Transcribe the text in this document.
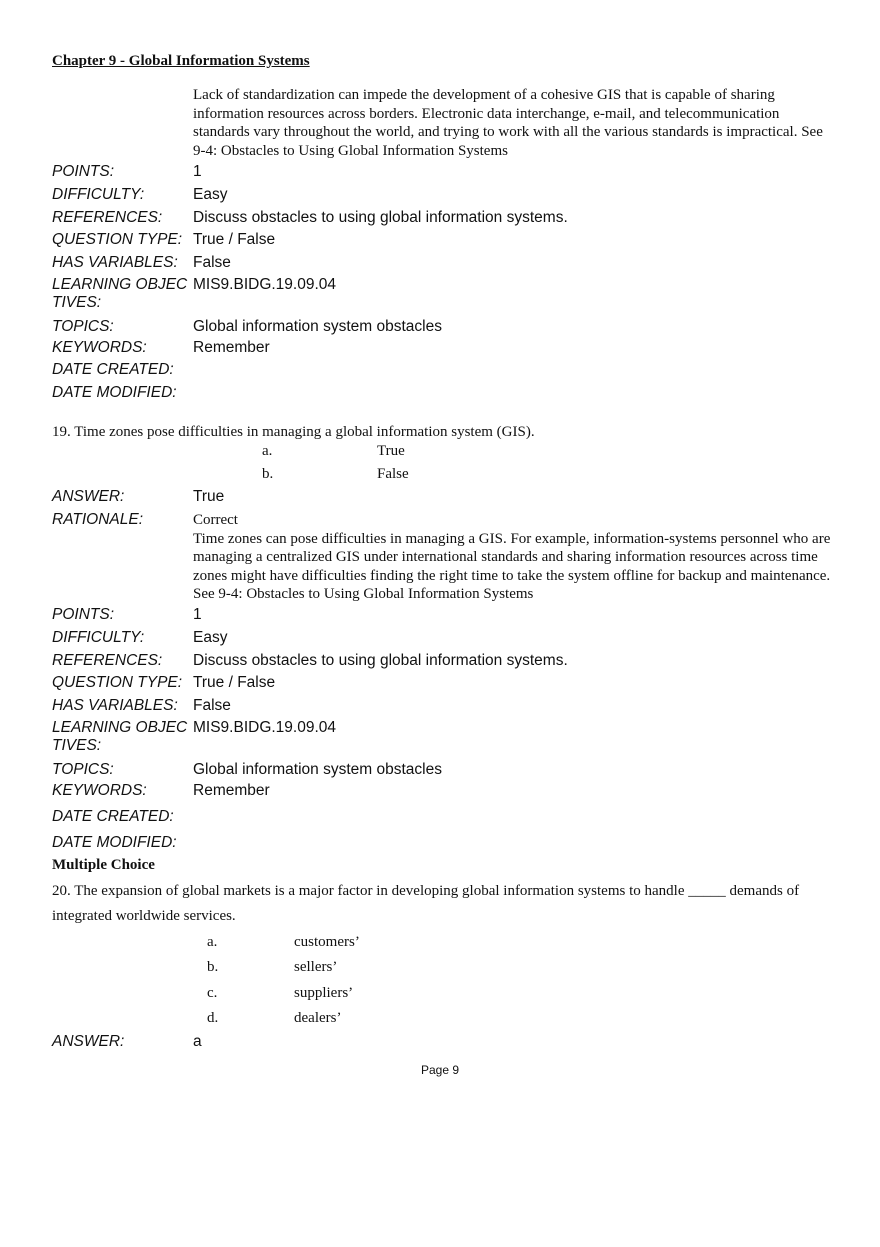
Chapter 9 - Global Information Systems
Lack of standardization can impede the development of a cohesive GIS that is capable of sharing information resources across borders. Electronic data interchange, e-mail, and telecommunication standards vary throughout the world, and trying to work with all the various standards is impractical. See 9-4: Obstacles to Using Global Information Systems
POINTS:	1
DIFFICULTY:	Easy
REFERENCES:	Discuss obstacles to using global information systems.
QUESTION TYPE: True / False
HAS VARIABLES: False
LEARNING OBJEC
TIVES:
MIS9.BIDG.19.09.04
TOPICS:	Global information system obstacles
KEYWORDS:	Remember
DATE CREATED:
DATE MODIFIED:
19. Time zones pose difficulties in managing a global information system (GIS).
a.	True
b.	False
ANSWER:	True
RATIONALE:	Correct
Time zones can pose difficulties in managing a GIS. For example, information-systems personnel who are managing a centralized GIS under international standards and sharing information resources across time zones might have difficulties finding the right time to take the system offline for backup and maintenance. See 9-4: Obstacles to Using Global Information Systems
POINTS:	1
DIFFICULTY:	Easy
REFERENCES:	Discuss obstacles to using global information systems.
QUESTION TYPE: True / False
HAS VARIABLES: False
LEARNING OBJEC
TIVES:
MIS9.BIDG.19.09.04
TOPICS:	Global information system obstacles
KEYWORDS:	Remember
DATE CREATED:
DATE MODIFIED:
Multiple Choice
20. The expansion of global markets is a major factor in developing global information systems to handle _____ demands of integrated worldwide services.
a.	customers’
b.	sellers’
c.	suppliers’
d.	dealers’
ANSWER:	a
Page 9
